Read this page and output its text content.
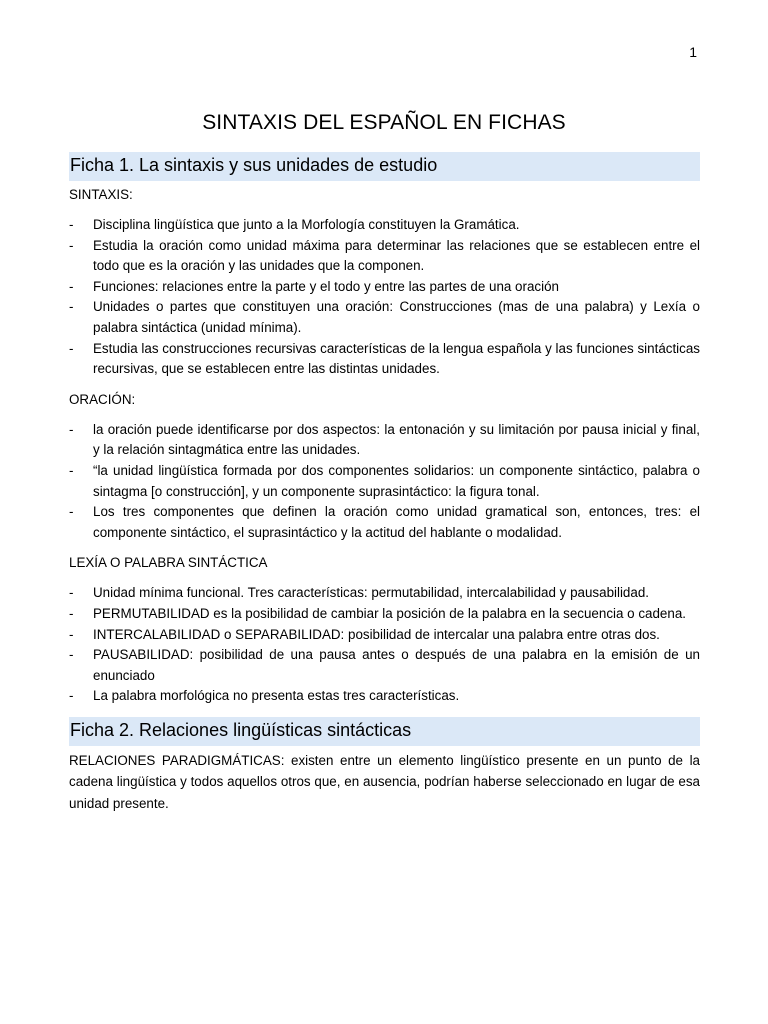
1
SINTAXIS DEL ESPAÑOL EN FICHAS
Ficha 1. La sintaxis y sus unidades de estudio
SINTAXIS:
- Disciplina lingüística que junto a la Morfología constituyen la Gramática.
- Estudia la oración como unidad máxima para determinar las relaciones que se establecen entre el todo que es la oración y las unidades que la componen.
- Funciones: relaciones entre la parte y el todo y entre las partes de una oración
- Unidades o partes que constituyen una oración: Construcciones (mas de una palabra) y Lexía o palabra sintáctica (unidad mínima).
- Estudia las construcciones recursivas características de la lengua española y las funciones sintácticas recursivas, que se establecen entre las distintas unidades.
ORACIÓN:
- la oración puede identificarse por dos aspectos: la entonación y su limitación por pausa inicial y final, y la relación sintagmática entre las unidades.
- “la unidad lingüística formada por dos componentes solidarios: un componente sintáctico, palabra o sintagma [o construcción], y un componente suprasintáctico: la figura tonal.
- Los tres componentes que definen la oración como unidad gramatical son, entonces, tres: el componente sintáctico, el suprasintáctico y la actitud del hablante o modalidad.
LEXÍA O PALABRA SINTÁCTICA
- Unidad mínima funcional. Tres características: permutabilidad, intercalabilidad y pausabilidad.
- PERMUTABILIDAD es la posibilidad de cambiar la posición de la palabra en la secuencia o cadena.
- INTERCALABILIDAD o SEPARABILIDAD: posibilidad de intercalar una palabra entre otras dos.
- PAUSABILIDAD: posibilidad de una pausa antes o después de una palabra en la emisión de un enunciado
- La palabra morfológica no presenta estas tres características.
Ficha 2. Relaciones lingüísticas sintácticas

RELACIONES PARADIGMÁTICAS: existen entre un elemento lingüístico presente en un punto de la cadena lingüística y todos aquellos otros que, en ausencia, podrían haberse seleccionado en lugar de esa unidad presente.
